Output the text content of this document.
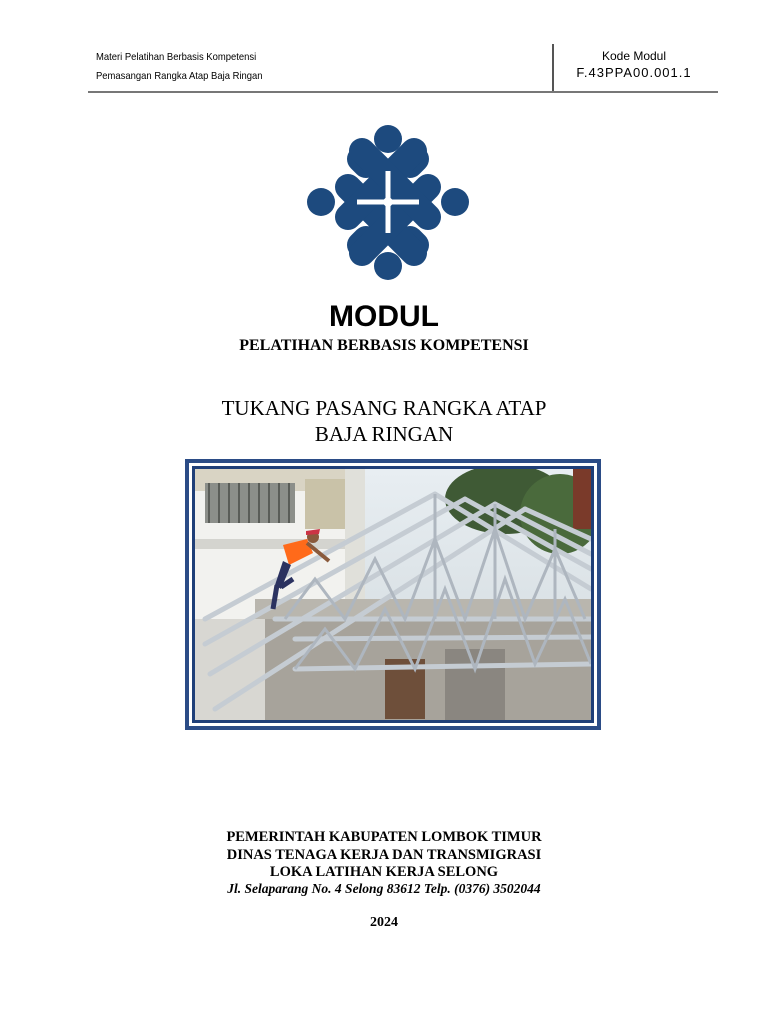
Materi Pelatihan Berbasis Kompetensi
Pemasangan Rangka Atap Baja Ringan
Kode Modul
F.43PPA00.001.1
MODUL
PELATIHAN BERBASIS KOMPETENSI
TUKANG PASANG RANGKA ATAP
BAJA RINGAN
PEMERINTAH KABUPATEN LOMBOK TIMUR
DINAS TENAGA KERJA DAN TRANSMIGRASI
LOKA LATIHAN KERJA SELONG
Jl. Selaparang No. 4 Selong 83612 Telp. (0376) 3502044
2024
